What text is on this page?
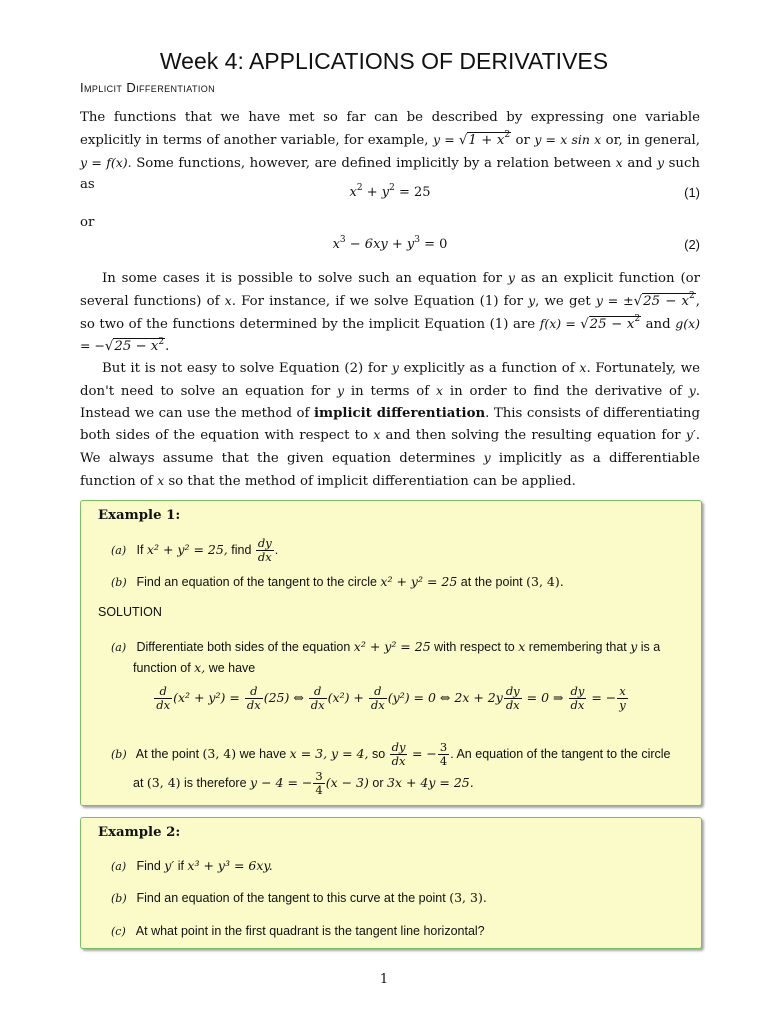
Week 4: APPLICATIONS OF DERIVATIVES
Implicit Differentiation
The functions that we have met so far can be described by expressing one variable explicitly in terms of another variable, for example, $y = √1 + x^2$ or y = x sin x or, in general, y = f(x). Some functions, however, are defined implicitly by a relation between x and y such as
$x^2 + y^2 = 25$	(1)
or
$x^3 - 6xy + y^3 = 0$	(2)
In some cases it is possible to solve such an equation for y as an explicit function (or several functions) of x. For instance, if we solve Equation (1) for y, we get $y = \pm√25 - x^2$, so two of the functions determined by the implicit Equation (1) are $f(x) = √25 - x^2$ and $g(x) = -√25 - x^2$.
But it is not easy to solve Equation (2) for y explicitly as a function of x. Fortunately, we don't need to solve an equation for y in terms of x in order to find the derivative of y. Instead we can use the method of implicit differentiation. This consists of differentiating both sides of the equation with respect to x and then solving the resulting equation for y′. We always assume that the given equation determines y implicitly as a differentiable function of x so that the method of implicit differentiation can be applied.
Example 1:
(a) If x² + y² = 25, find $\frac{dy}{dx}$ .
(b) Find an equation of the tangent to the circle x² + y² = 25 at the point (3, 4).
SOLUTION
(a) Differentiate both sides of the equation x² + y² = 25 with respect to x remembering that y is a
function of x, we have
$\frac{d}{dx} (x^2 + y^2) = \frac{d}{dx} (25)$ ⇔ $\frac{d}{dx} (x^2) + \frac{d}{dx} (y^2) = 0$ ⇔ $2x + 2y \frac{dy}{dx} = 0$ ⇒ $\frac{dy}{dx}$ = − $\frac{x}{y}$
(b) At the point (3, 4) we have x = 3, y = 4, so $\frac{dy}{dx}$ = − $\frac{3}{4}$ . An equation of the tangent to the circle
at (3, 4) is therefore y − 4 = − $\frac{3}{4} (x - 3)$ or 3x + 4y = 25.
Example 2:
(a) Find y′ if x³ + y³ = 6xy.
(b) Find an equation of the tangent to this curve at the point (3, 3).
(c) At what point in the first quadrant is the tangent line horizontal?
1
